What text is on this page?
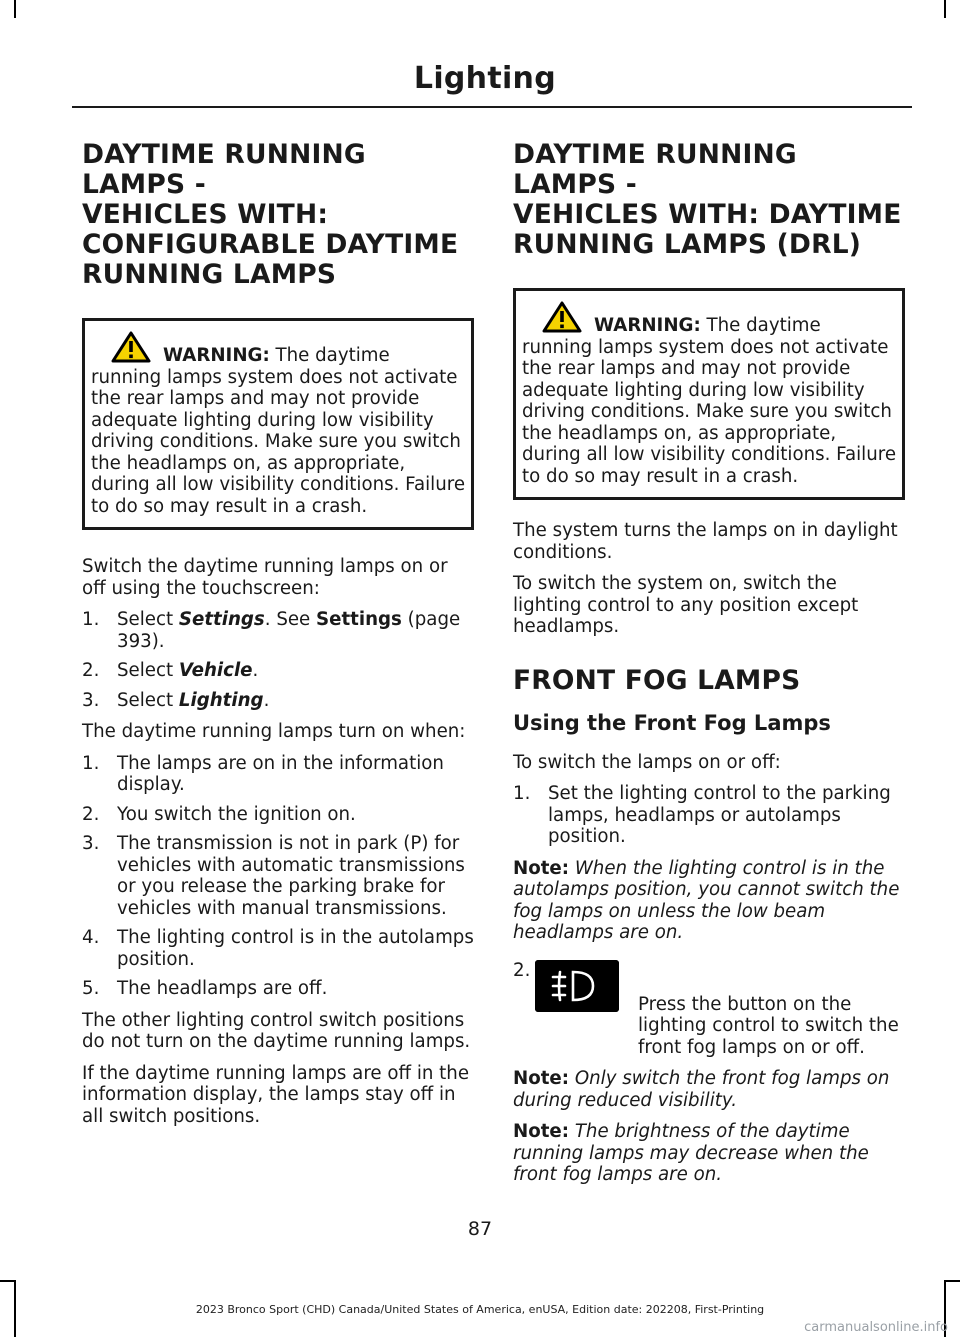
Lighting
DAYTIME RUNNING LAMPS -
VEHICLES WITH:
CONFIGURABLE DAYTIME
RUNNING LAMPS

WARNING: The daytime running lamps system does not activate the rear lamps and may not provide adequate lighting during low visibility driving conditions. Make sure you switch the headlamps on, as appropriate, during all low visibility conditions. Failure to do so may result in a crash.

Switch the daytime running lamps on or off using the touchscreen:

1. Select Settings. See Settings (page 393).
2. Select Vehicle.
3. Select Lighting.

The daytime running lamps turn on when:

1. The lamps are on in the information display.
2. You switch the ignition on.
3. The transmission is not in park (P) for vehicles with automatic transmissions or you release the parking brake for vehicles with manual transmissions.
4. The lighting control is in the autolamps position.
5. The headlamps are off.

The other lighting control switch positions do not turn on the daytime running lamps.

If the daytime running lamps are off in the information display, the lamps stay off in all switch positions.

DAYTIME RUNNING LAMPS -
VEHICLES WITH: DAYTIME
RUNNING LAMPS (DRL)

WARNING: The daytime running lamps system does not activate the rear lamps and may not provide adequate lighting during low visibility driving conditions. Make sure you switch the headlamps on, as appropriate, during all low visibility conditions. Failure to do so may result in a crash.

The system turns the lamps on in daylight conditions.

To switch the system on, switch the lighting control to any position except headlamps.

FRONT FOG LAMPS
Using the Front Fog Lamps

To switch the lamps on or off:

1. Set the lighting control to the parking lamps, headlamps or autolamps position.

Note: When the lighting control is in the autolamps position, you cannot switch the fog lamps on unless the low beam headlamps are on.

2.
Press the button on the lighting control to switch the front fog lamps on or off.

Note: Only switch the front fog lamps on during reduced visibility.

Note: The brightness of the daytime running lamps may decrease when the front fog lamps are on.

87
2023 Bronco Sport (CHD) Canada/United States of America, enUSA, Edition date: 202208, First-Printing
carmanualsonline.info
